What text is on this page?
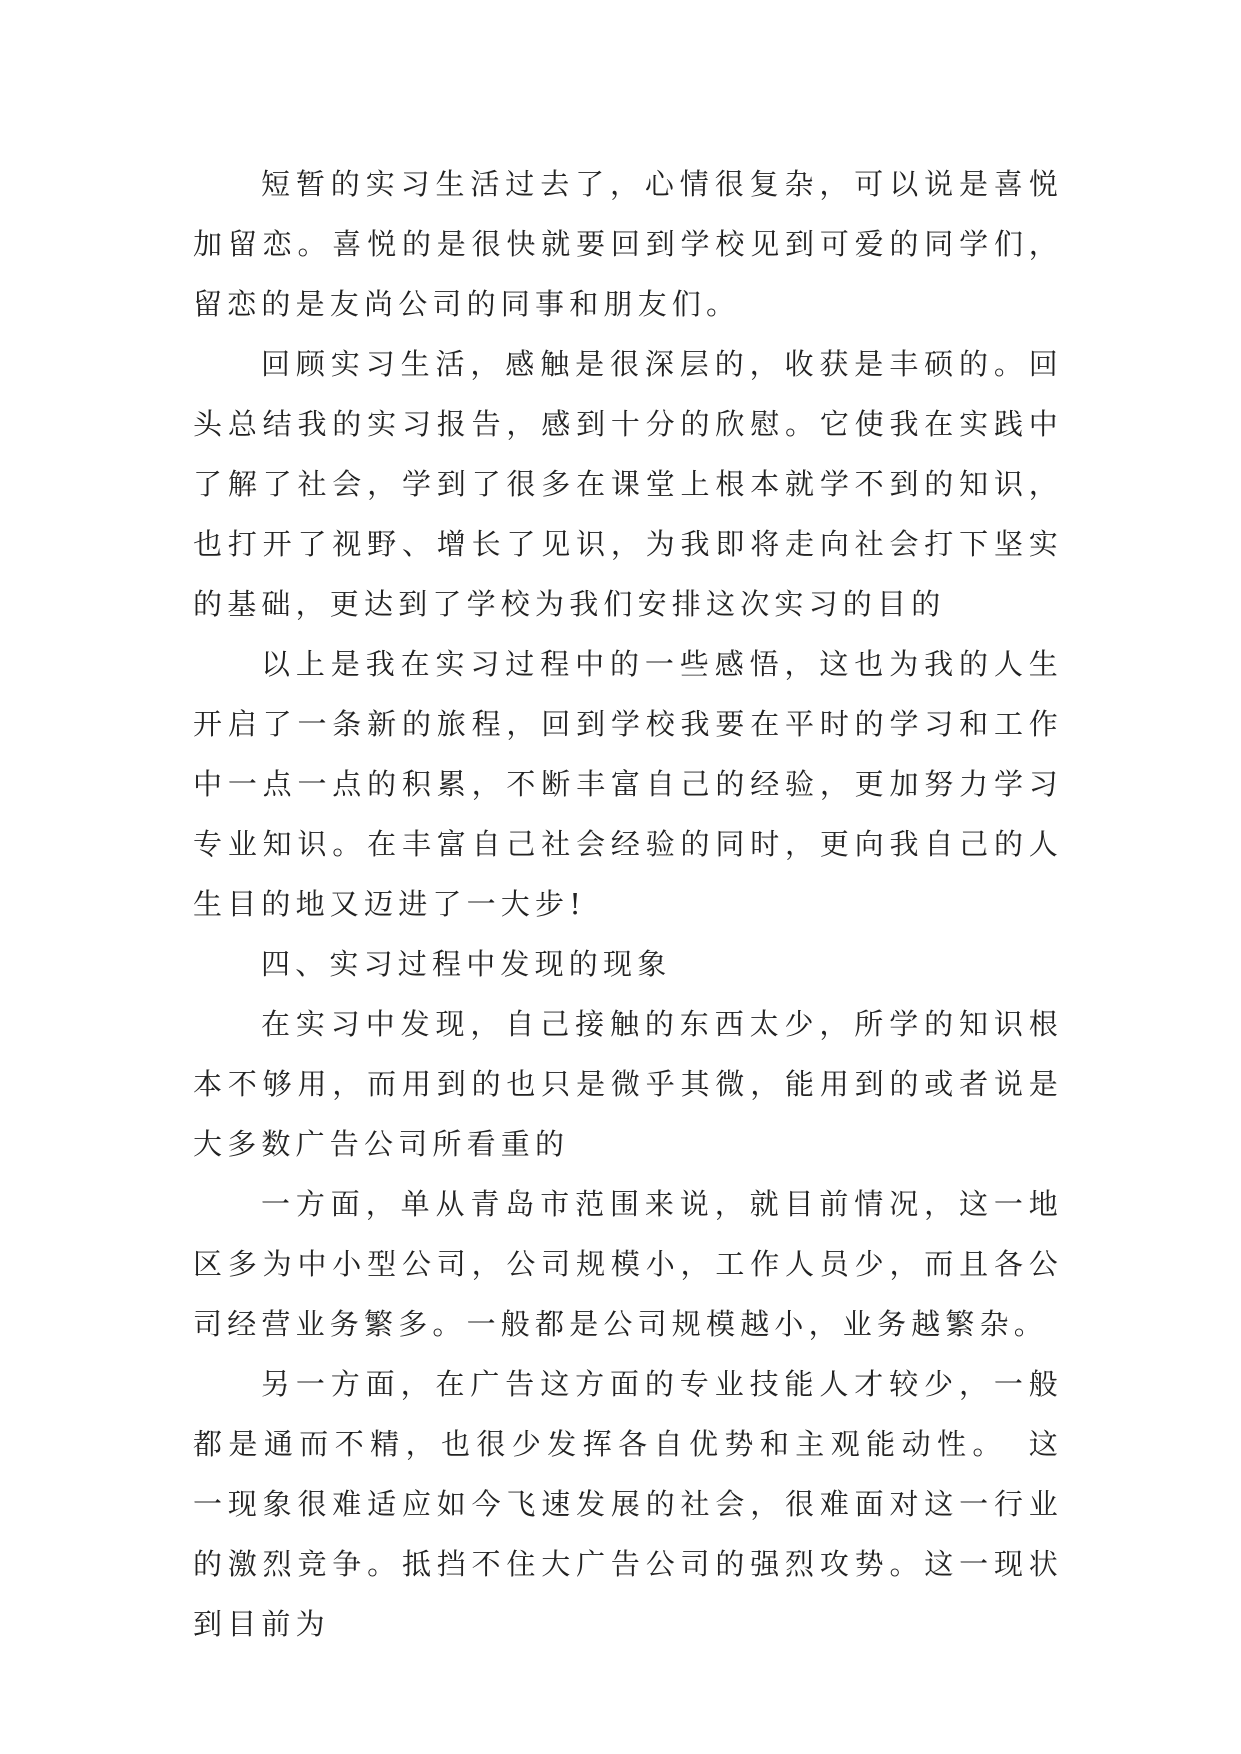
短暂的实习生活过去了，心情很复杂，可以说是喜悦加留恋。喜悦的是很快就要回到学校见到可爱的同学们，留恋的是友尚公司的同事和朋友们。

回顾实习生活，感触是很深层的，收获是丰硕的。回头总结我的实习报告，感到十分的欣慰。它使我在实践中了解了社会，学到了很多在课堂上根本就学不到的知识，也打开了视野、增长了见识，为我即将走向社会打下坚实的基础，更达到了学校为我们安排这次实习的目的

以上是我在实习过程中的一些感悟，这也为我的人生开启了一条新的旅程，回到学校我要在平时的学习和工作中一点一点的积累，不断丰富自己的经验，更加努力学习专业知识。在丰富自己社会经验的同时，更向我自己的人生目的地又迈进了一大步!

四、实习过程中发现的现象

在实习中发现，自己接触的东西太少，所学的知识根本不够用，而用到的也只是微乎其微，能用到的或者说是大多数广告公司所看重的

一方面，单从青岛市范围来说，就目前情况，这一地区多为中小型公司，公司规模小，工作人员少，而且各公司经营业务繁多。一般都是公司规模越小，业务越繁杂。

另一方面，在广告这方面的专业技能人才较少，一般都是通而不精，也很少发挥各自优势和主观能动性。　这一现象很难适应如今飞速发展的社会，很难面对这一行业的激烈竞争。抵挡不住大广告公司的强烈攻势。这一现状到目前为
